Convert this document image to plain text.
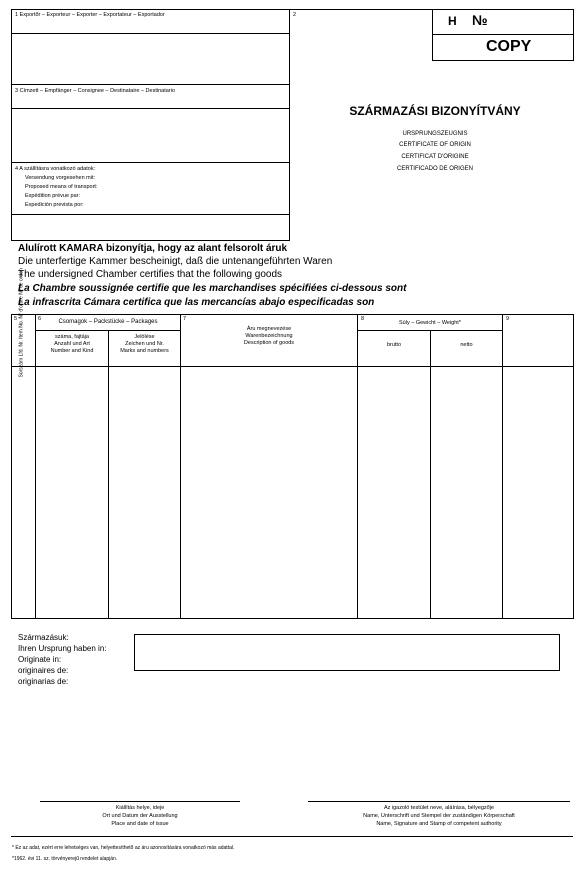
1 Exportőr – Exporteur – Exporter – Exportateur – Exportador	2	H №
COPY
3 Címzett – Empfänger – Consignee – Destinataire – Destinatario
4 A szállításra vonatkozó adatok:
Versendung vorgesehen mit:
Proposed means of transport:
Expédition prévue par:
Expedición prevista por:
SZÁRMAZÁSI BIZONYÍTVÁNY
URSPRUNGSZEUGNIS
CERTIFICATE OF ORIGIN
CERTIFICAT D'ORIGINE
CERTIFICADO DE ORIGEN
Alulírott KAMARA bizonyítja, hogy az alant felsorolt áruk
Die unterfertige Kammer bescheinigt, daß die untenangeführten Waren
The undersigned Chamber certifies that the following goods
La Chambre soussignée certifie que les marchandises spécifiées ci-dessous sont
La infrascrita Cámara certifica que las mercancías abajo especificadas son
5 Sorszám Lfd. Nr. Item No. N° d'ordre Nº de orden 6	Csomagok – Packstücke – Packages
száma, fajtája
Anzahl und Art
Number and Kind
Jelölése
Zeichen und Nr.
Marks and numbers
7
Áru megnevezése
Warenbezeichnung
Description of goods
8
Súly – Gewicht – Weight*
brutto	netto
9
Származásuk:
Ihren Ursprung haben in:
Originate in:
originaires de:
originarias de:
Kiállítás helye, ideje
Ort und Datum der Ausstellung
Place and date of issue
Az igazoló testület neve, aláírása, bélyegzője
Name, Unterschrift und Stempel der zuständigen Körperschaft
Name, Signature and Stamp of competent authority
* Ez az adat, ezért erre lehetséges van, helyettesíthető az áru azonosítására vonatkozó más adattal.
*1962. évi 11. sz. törvényerejű rendelet alapján.
